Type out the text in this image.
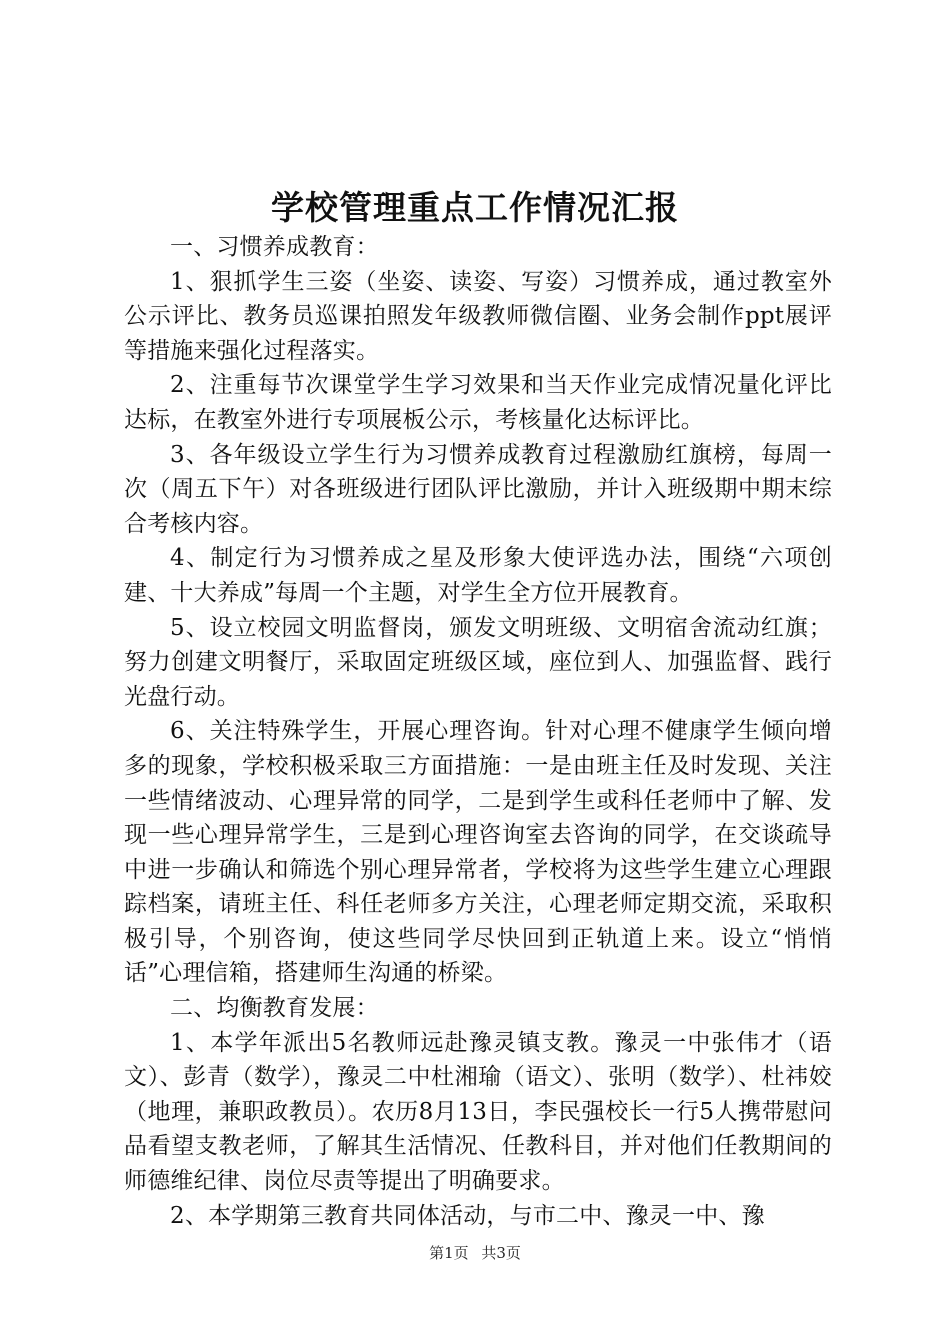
学校管理重点工作情况汇报

一、习惯养成教育：

1、狠抓学生三姿（坐姿、读姿、写姿）习惯养成，通过教室外公示评比、教务员巡课拍照发年级教师微信圈、业务会制作ppt展评等措施来强化过程落实。

2、注重每节次课堂学生学习效果和当天作业完成情况量化评比达标，在教室外进行专项展板公示，考核量化达标评比。

3、各年级设立学生行为习惯养成教育过程激励红旗榜，每周一次（周五下午）对各班级进行团队评比激励，并计入班级期中期末综合考核内容。

4、制定行为习惯养成之星及形象大使评选办法，围绕“六项创建、十大养成”每周一个主题，对学生全方位开展教育。

5、设立校园文明监督岗，颁发文明班级、文明宿舍流动红旗；努力创建文明餐厅，采取固定班级区域，座位到人、加强监督、践行光盘行动。

6、关注特殊学生，开展心理咨询。针对心理不健康学生倾向增多的现象，学校积极采取三方面措施：一是由班主任及时发现、关注一些情绪波动、心理异常的同学，二是到学生或科任老师中了解、发现一些心理异常学生，三是到心理咨询室去咨询的同学，在交谈疏导中进一步确认和筛选个别心理异常者，学校将为这些学生建立心理跟踪档案，请班主任、科任老师多方关注，心理老师定期交流，采取积极引导，个别咨询，使这些同学尽快回到正轨道上来。设立“悄悄话”心理信箱，搭建师生沟通的桥梁。

二、均衡教育发展：

1、本学年派出5名教师远赴豫灵镇支教。豫灵一中张伟才（语文）、彭青（数学），豫灵二中杜湘瑜（语文）、张明（数学）、杜祎姣（地理，兼职政教员）。农历8月13日，李民强校长一行5人携带慰问品看望支教老师，了解其生活情况、任教科目，并对他们任教期间的师德维纪律、岗位尽责等提出了明确要求。

2、本学期第三教育共同体活动，与市二中、豫灵一中、豫

第1页 共3页
